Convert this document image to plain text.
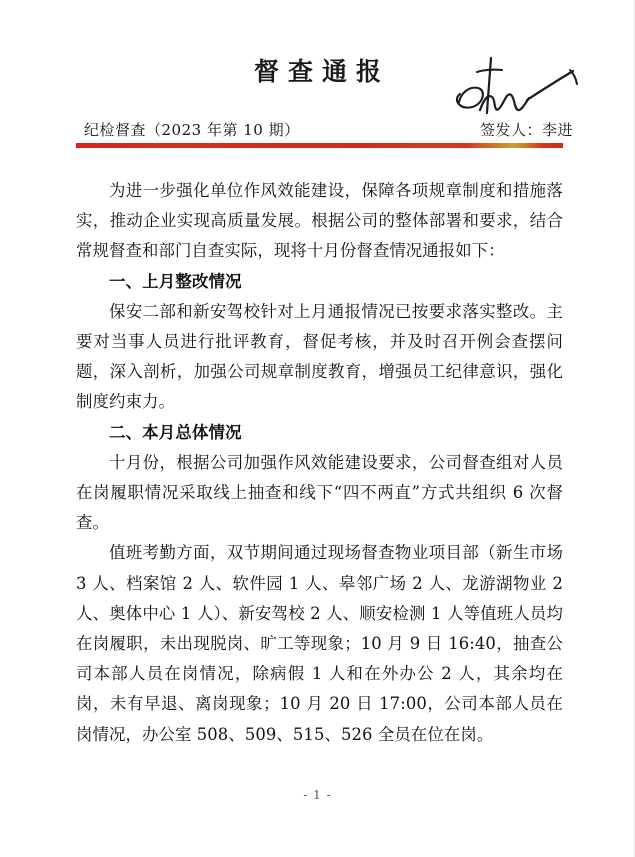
督查通报
纪检督查（2023 年第 10 期）	签发人：李进

为进一步强化单位作风效能建设，保障各项规章制度和措施落实，推动企业实现高质量发展。根据公司的整体部署和要求，结合常规督查和部门自查实际，现将十月份督查情况通报如下：

一、上月整改情况

保安二部和新安驾校针对上月通报情况已按要求落实整改。主要对当事人员进行批评教育，督促考核，并及时召开例会查摆问题，深入剖析，加强公司规章制度教育，增强员工纪律意识，强化制度约束力。

二、本月总体情况

十月份，根据公司加强作风效能建设要求，公司督查组对人员在岗履职情况采取线上抽查和线下“四不两直”方式共组织 6 次督查。

值班考勤方面，双节期间通过现场督查物业项目部（新生市场 3 人、档案馆 2 人、软件园 1 人、皋邻广场 2 人、龙游湖物业 2 人、奥体中心 1 人）、新安驾校 2 人、顺安检测 1 人等值班人员均在岗履职，未出现脱岗、旷工等现象；10 月 9 日 16:40，抽查公司本部人员在岗情况，除病假 1 人和在外办公 2 人，其余均在岗，未有早退、离岗现象；10 月 20 日 17:00，公司本部人员在岗情况，办公室 508、509、515、526 全员在位在岗。

- 1 -
